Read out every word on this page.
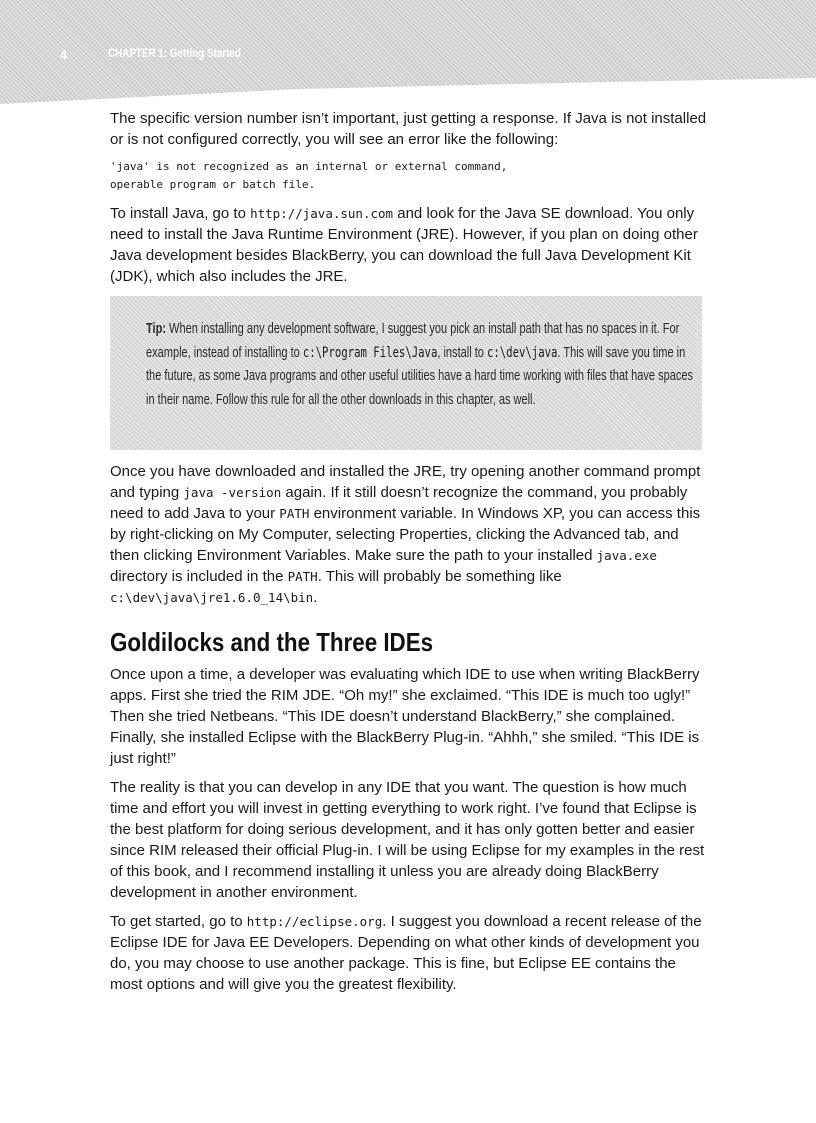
4	CHAPTER 1: Getting Started

The specific version number isn’t important, just getting a response. If Java is not installed or is not configured correctly, you will see an error like the following:

'java' is not recognized as an internal or external command,
operable program or batch file.

To install Java, go to http://java.sun.com and look for the Java SE download. You only need to install the Java Runtime Environment (JRE). However, if you plan on doing other Java development besides BlackBerry, you can download the full Java Development Kit (JDK), which also includes the JRE.

Tip: When installing any development software, I suggest you pick an install path that has no spaces in it. For example, instead of installing to c:\Program Files\Java, install to c:\dev\java. This will save you time in the future, as some Java programs and other useful utilities have a hard time working with files that have spaces in their name. Follow this rule for all the other downloads in this chapter, as well.

Once you have downloaded and installed the JRE, try opening another command prompt and typing java -version again. If it still doesn’t recognize the command, you probably need to add Java to your PATH environment variable. In Windows XP, you can access this by right-clicking on My Computer, selecting Properties, clicking the Advanced tab, and then clicking Environment Variables. Make sure the path to your installed java.exe directory is included in the PATH. This will probably be something like c:\dev\java\jre1.6.0_14\bin.

Goldilocks and the Three IDEs

Once upon a time, a developer was evaluating which IDE to use when writing BlackBerry apps. First she tried the RIM JDE. “Oh my!” she exclaimed. “This IDE is much too ugly!” Then she tried Netbeans. “This IDE doesn’t understand BlackBerry,” she complained. Finally, she installed Eclipse with the BlackBerry Plug-in. “Ahhh,” she smiled. “This IDE is just right!”

The reality is that you can develop in any IDE that you want. The question is how much time and effort you will invest in getting everything to work right. I’ve found that Eclipse is the best platform for doing serious development, and it has only gotten better and easier since RIM released their official Plug-in. I will be using Eclipse for my examples in the rest of this book, and I recommend installing it unless you are already doing BlackBerry development in another environment.

To get started, go to http://eclipse.org. I suggest you download a recent release of the Eclipse IDE for Java EE Developers. Depending on what other kinds of development you do, you may choose to use another package. This is fine, but Eclipse EE contains the most options and will give you the greatest flexibility.
